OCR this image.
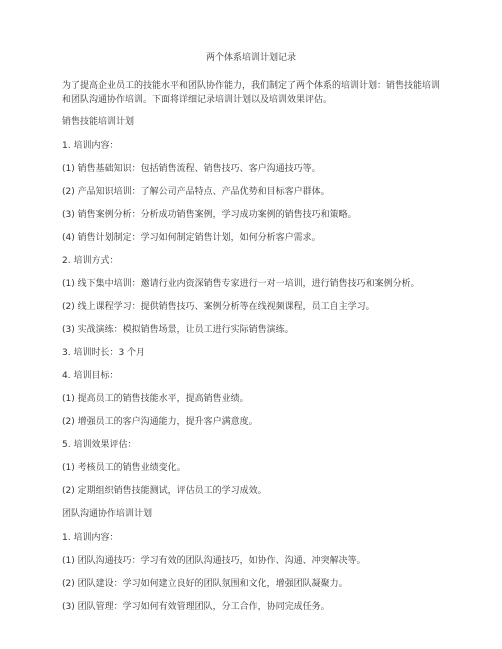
两个体系培训计划记录
为了提高企业员工的技能水平和团队协作能力，我们制定了两个体系的培训计划：销售技能培训和团队沟通协作培训。下面将详细记录培训计划以及培训效果评估。
销售技能培训计划
1. 培训内容：
(1) 销售基础知识：包括销售流程、销售技巧、客户沟通技巧等。
(2) 产品知识培训：了解公司产品特点、产品优势和目标客户群体。
(3) 销售案例分析：分析成功销售案例，学习成功案例的销售技巧和策略。
(4) 销售计划制定：学习如何制定销售计划，如何分析客户需求。
2. 培训方式：
(1) 线下集中培训：邀请行业内资深销售专家进行一对一培训，进行销售技巧和案例分析。
(2) 线上课程学习：提供销售技巧、案例分析等在线视频课程，员工自主学习。
(3) 实战演练：模拟销售场景，让员工进行实际销售演练。
3. 培训时长：3 个月
4. 培训目标：
(1) 提高员工的销售技能水平，提高销售业绩。
(2) 增强员工的客户沟通能力，提升客户满意度。
5. 培训效果评估：
(1) 考核员工的销售业绩变化。
(2) 定期组织销售技能测试，评估员工的学习成效。
团队沟通协作培训计划
1. 培训内容：
(1) 团队沟通技巧：学习有效的团队沟通技巧，如协作、沟通、冲突解决等。
(2) 团队建设：学习如何建立良好的团队氛围和文化，增强团队凝聚力。
(3) 团队管理：学习如何有效管理团队，分工合作，协同完成任务。
